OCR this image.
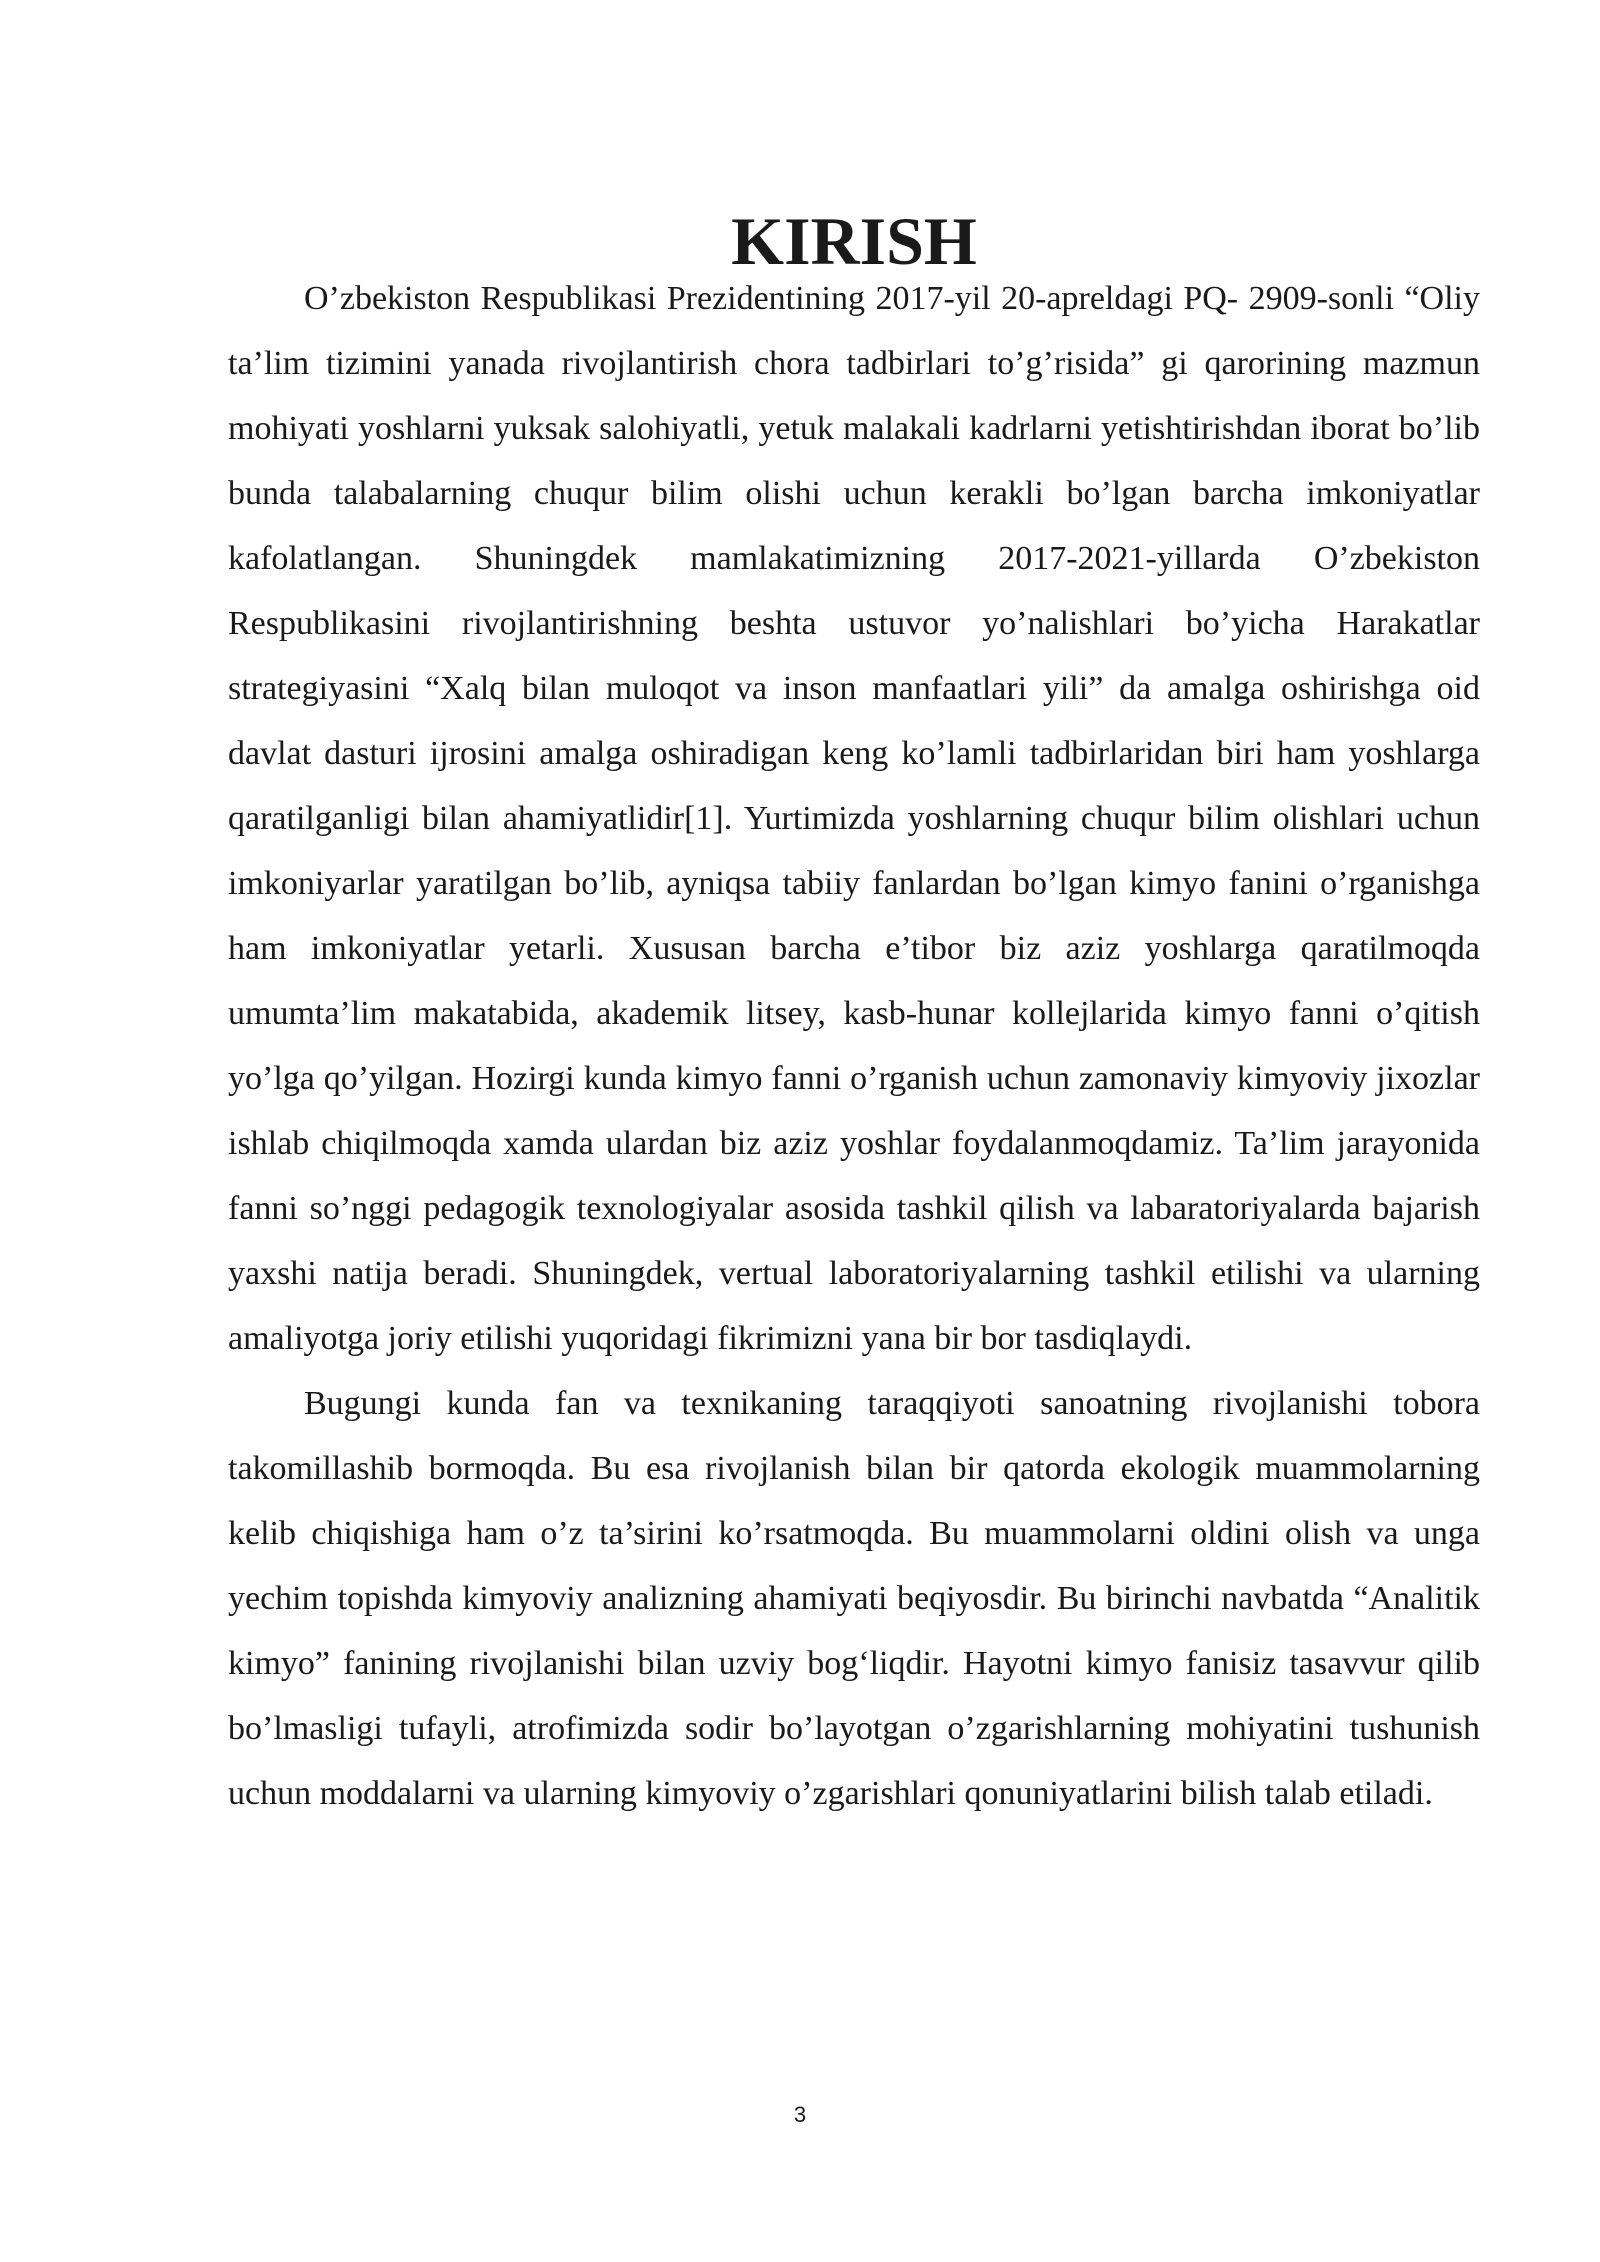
KIRISH

O’zbekiston Respublikasi Prezidentining 2017-yil 20-apreldagi PQ- 2909-sonli “Oliy ta’lim tizimini yanada rivojlantirish chora tadbirlari to’g’risida” gi qarorining mazmun mohiyati yoshlarni yuksak salohiyatli, yetuk malakali kadrlarni yetishtirishdan iborat bo’lib bunda talabalarning chuqur bilim olishi uchun kerakli bo’lgan barcha imkoniyatlar kafolatlangan. Shuningdek mamlakatimizning 2017-2021-yillarda O’zbekiston Respublikasini rivojlantirishning beshta ustuvor yo’nalishlari bo’yicha Harakatlar strategiyasini “Xalq bilan muloqot va inson manfaatlari yili” da amalga oshirishga oid davlat dasturi ijrosini amalga oshiradigan keng ko’lamli tadbirlaridan biri ham yoshlarga qaratilganligi bilan ahamiyatlidir[1]. Yurtimizda yoshlarning chuqur bilim olishlari uchun imkoniyarlar yaratilgan bo’lib, ayniqsa tabiiy fanlardan bo’lgan kimyo fanini o’rganishga ham imkoniyatlar yetarli. Xususan barcha e’tibor biz aziz yoshlarga qaratilmoqda umumta’lim makatabida, akademik litsey, kasb-hunar kollejlarida kimyo fanni o’qitish yo’lga qo’yilgan. Hozirgi kunda kimyo fanni o’rganish uchun zamonaviy kimyoviy jixozlar ishlab chiqilmoqda xamda ulardan biz aziz yoshlar foydalanmoqdamiz. Ta’lim jarayonida fanni so’nggi pedagogik texnologiyalar asosida tashkil qilish va labaratoriyalarda bajarish yaxshi natija beradi. Shuningdek, vertual laboratoriyalarning tashkil etilishi va ularning amaliyotga joriy etilishi yuqoridagi fikrimizni yana bir bor tasdiqlaydi.

Bugungi kunda fan va texnikaning taraqqiyoti sanoatning rivojlanishi tobora takomillashib bormoqda. Bu esa rivojlanish bilan bir qatorda ekologik muammolarning kelib chiqishiga ham o’z ta’sirini ko’rsatmoqda. Bu muammolarni oldini olish va unga yechim topishda kimyoviy analizning ahamiyati beqiyosdir. Bu birinchi navbatda “Analitik kimyo” fanining rivojlanishi bilan uzviy bog‘liqdir. Hayotni kimyo fanisiz tasavvur qilib bo’lmasligi tufayli, atrofimizda sodir bo’layotgan o’zgarishlarning mohiyatini tushunish uchun moddalarni va ularning kimyoviy o’zgarishlari qonuniyatlarini bilish talab etiladi.

3
